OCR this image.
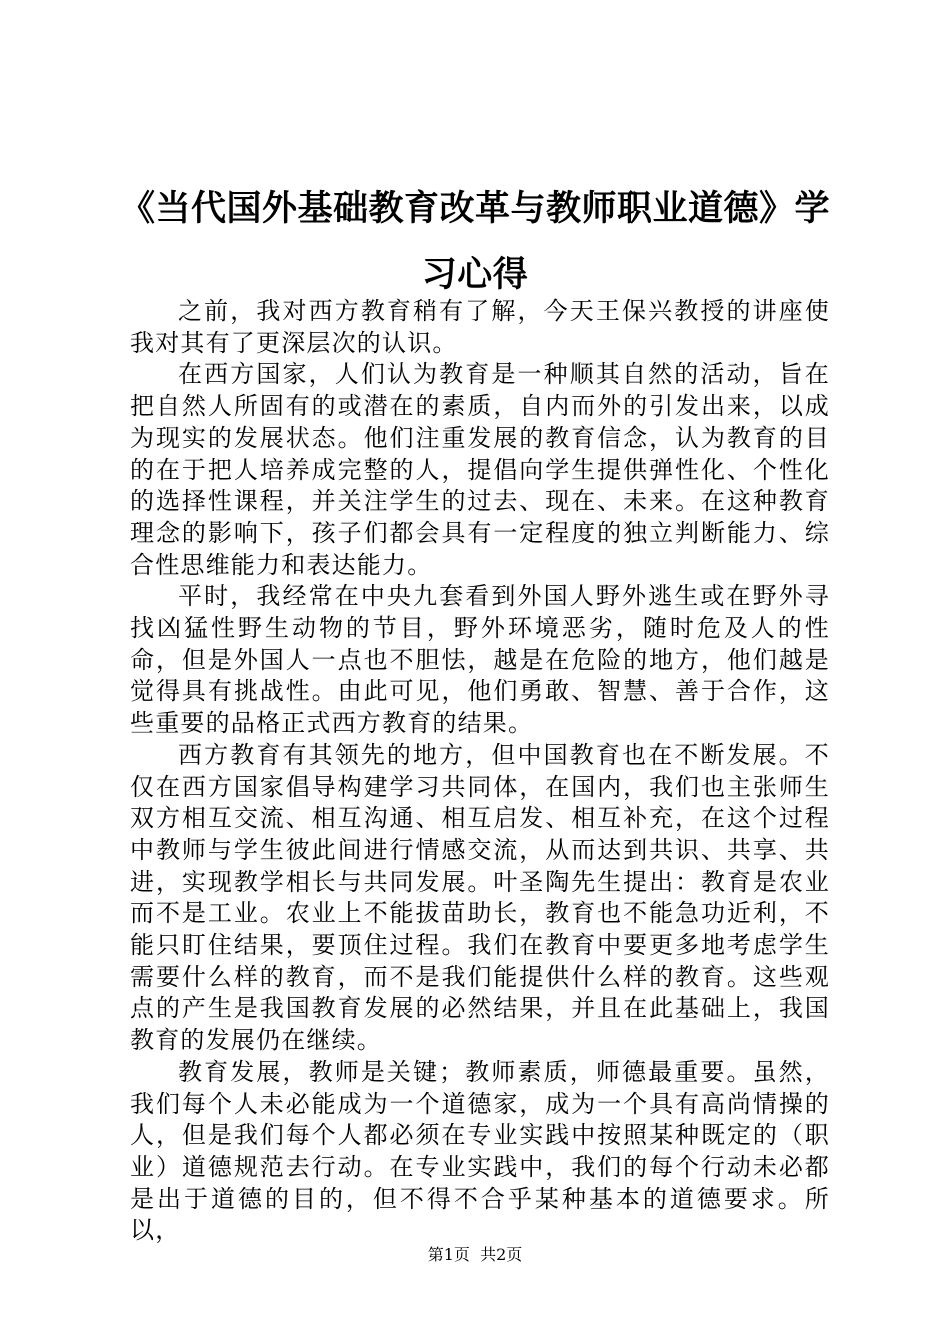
《当代国外基础教育改革与教师职业道德》学习心得

之前，我对西方教育稍有了解，今天王保兴教授的讲座使我对其有了更深层次的认识。

在西方国家，人们认为教育是一种顺其自然的活动，旨在把自然人所固有的或潜在的素质，自内而外的引发出来，以成为现实的发展状态。他们注重发展的教育信念，认为教育的目的在于把人培养成完整的人，提倡向学生提供弹性化、个性化的选择性课程，并关注学生的过去、现在、未来。在这种教育理念的影响下，孩子们都会具有一定程度的独立判断能力、综合性思维能力和表达能力。

平时，我经常在中央九套看到外国人野外逃生或在野外寻找凶猛性野生动物的节目，野外环境恶劣，随时危及人的性命，但是外国人一点也不胆怯，越是在危险的地方，他们越是觉得具有挑战性。由此可见，他们勇敢、智慧、善于合作，这些重要的品格正式西方教育的结果。

西方教育有其领先的地方，但中国教育也在不断发展。不仅在西方国家倡导构建学习共同体，在国内，我们也主张师生双方相互交流、相互沟通、相互启发、相互补充，在这个过程中教师与学生彼此间进行情感交流，从而达到共识、共享、共进，实现教学相长与共同发展。叶圣陶先生提出：教育是农业而不是工业。农业上不能拔苗助长，教育也不能急功近利，不能只盯住结果，要顶住过程。我们在教育中要更多地考虑学生需要什么样的教育，而不是我们能提供什么样的教育。这些观点的产生是我国教育发展的必然结果，并且在此基础上，我国教育的发展仍在继续。

教育发展，教师是关键；教师素质，师德最重要。虽然，我们每个人未必能成为一个道德家，成为一个具有高尚情操的人，但是我们每个人都必须在专业实践中按照某种既定的（职业）道德规范去行动。在专业实践中，我们的每个行动未必都是出于道德的目的，但不得不合乎某种基本的道德要求。所以，

第1页  共2页
